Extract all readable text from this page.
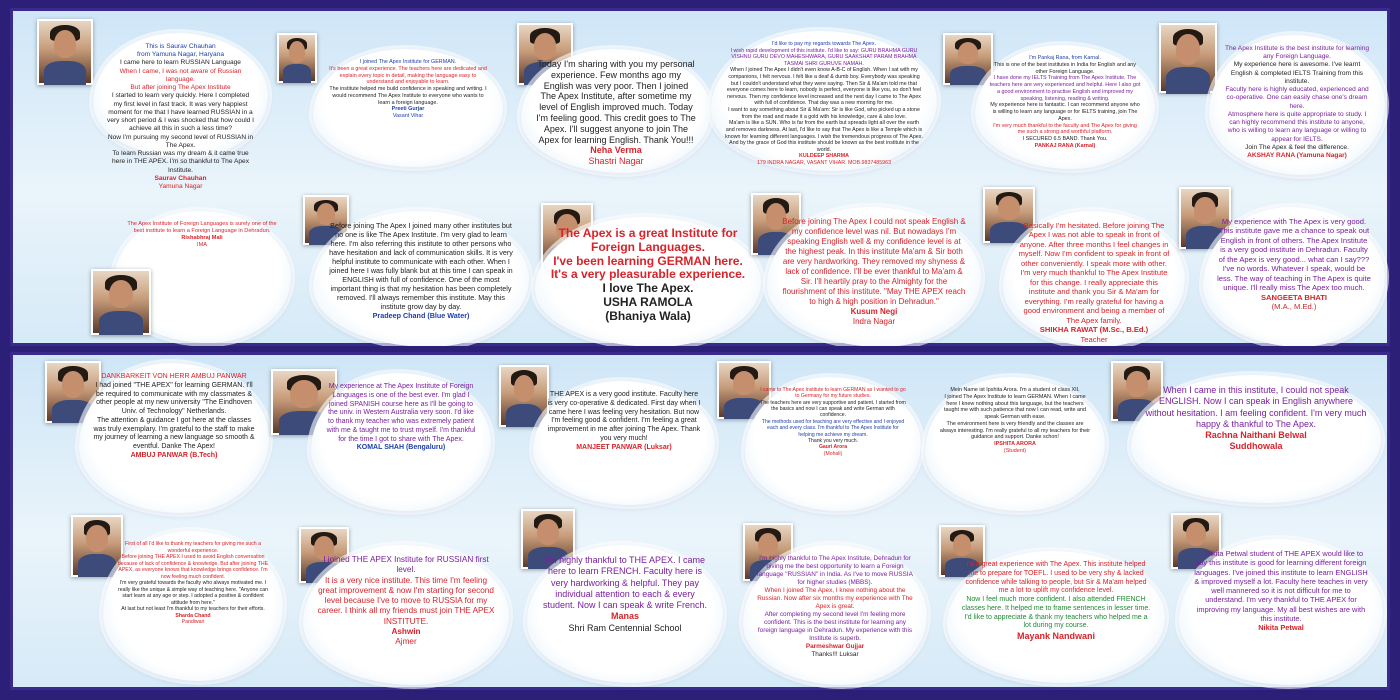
This is Saurav Chauhan

from Yamuna Nagar, Haryana

I came here to learn RUSSIAN Language

When I came, I was not aware of Russian language.

But after joining The Apex Institute

I started to learn very quickly. Here I completed my first level in fast track. It was very happiest moment for me that I have learned RUSSIAN in a very short period & I was shocked that how could I achieve all this in such a less time?

Now I'm pursuing my second level of RUSSIAN in The Apex.

To learn Russian was my dream & it came true here in THE APEX. I'm so thankful to The Apex Institute.

Saurav Chauhan

Yamuna Nagar

I joined The Apex Institute for GERMAN.

It's been a great experience. The teachers here are dedicated and explain every topic in detail, making the language easy to understand and enjoyable to learn.

The institute helped me build confidence in speaking and writing. I would recommend The Apex Institute to everyone who wants to learn a foreign language.

Preeti Gurjar

Vasant Vihar

Today I'm sharing with you my personal experience. Few months ago my English was very poor. Then I joined The Apex Institute, after sometime my level of English improved much. Today I'm feeling good. This credit goes to The Apex. I'll suggest anyone to join The Apex for learning English. Thank You!!!

Neha Verma

Shastri Nagar

I'd like to pay my regards towards The Apex.

I wish rapid development of this institute. I'd like to say: GURU BRAHMA GURU VISHNU GURU DEVO MAHESHWARA, GURU SAAKSHAT PARAM BRAHMA TASMAI SHRI GURUVE NAMAH.

When I joined The Apex I didn't even know A-B-C of English. When I sat with my companions, I felt nervous. I felt like a deaf & dumb boy. Everybody was speaking but I couldn't understand what they were saying. Then Sir & Ma'am told me that everyone comes here to learn, nobody is perfect, everyone is like you, so don't feel nervous. Then my confidence level increased and the next day I came to The Apex with full of confidence. That day was a new morning for me.

I want to say something about Sir & Ma'am: Sir is like God, who picked up a stone from the road and made it a gold with his knowledge, care & also love.

Ma'am is like a SUN. Who is far from the earth but spreads light all over the earth and removes darkness. At last, I'd like to say that The Apex is like a Temple which is known for learning different languages. I wish the tremendous progress of The Apex. And by the grace of God this institute should be known as the best institute in the world.

KULDEEP SHARMA

179 INDRA NAGAR, VASANT VIHAR. MOB.9837485963

I'm Pankaj Rana, from Karnal.

This is one of the best institutes in India for English and any other Foreign Language.

I have done my IELTS Training from The Apex Institute. The teachers here are very experienced and helpful. Here I also got a good environment to practise English and improved my speaking, listening, reading & writing.

My experience here is fantastic. I can recommend anyone who is willing to learn any language or for IELTS training, join The Apex.

I'm very much thankful to the faculty and The Apex for giving me such a strong and worthful platform.

I SECURED 6.5 BAND. Thank You.

PANKAJ RANA (Karnal)

The Apex Institute is the best institute for learning any Foreign Language.

My experience here is awesome. I've learnt English & completed IELTS Training from this institute.

Faculty here is highly educated, experienced and co-operative. One can easily chase one's dream here.

Atmosphere here is quite appropriate to study. I can highly recommend this institute to anyone, who is willing to learn any language or willing to appear for IELTS.

Join The Apex & feel the difference.

AKSHAY RANA (Yamuna Nagar)

The Apex Institute of Foreign Languages is surely one of the best institute to learn a Foreign Language in Dehradun.

Rishabhraj Mali

IMA

Before joining The Apex I joined many other institutes but no one is like The Apex Institute. I'm very glad to learn here. I'm also referring this institute to other persons who have hesitation and lack of communication skills. It is very helpful institute to communicate with each other. When I joined here I was fully blank but at this time I can speak in ENGLISH with full of confidence. One of the most important thing is that my hesitation has been completely removed. I'll always remember this institute. May this institute grow day by day.

Pradeep Chand (Blue Water)

The Apex is a great Institute for Foreign Languages.

I've been learning GERMAN here. It's a very pleasurable experience.

I love The Apex.

USHA RAMOLA

(Bhaniya Wala)

Before joining The Apex I could not speak English & my confidence level was nil. But nowadays I'm speaking English well & my confidence level is at the highest peak. In this institute Ma'am & Sir both are very hardworking. They removed my shyness & lack of confidence. I'll be ever thankful to Ma'am & Sir. I'll heartily pray to the Almighty for the flourishment of this institute. "May THE APEX reach to high & high position in Dehradun."

Kusum Negi

Indra Nagar

Basically I'm hesitated. Before joining The Apex I was not able to speak in front of anyone. After three months I feel changes in myself. Now I'm confident to speak in front of other conveniently. I speak more with other. I'm very much thankful to The Apex Institute for this change. I really appreciate this institute and thank you Sir & Ma'am for everything. I'm really grateful for having a good environment and being a member of The Apex family.

SHIKHA RAWAT (M.Sc., B.Ed.)

Teacher

My experience with The Apex is very good. This institute gave me a chance to speak out English in front of others. The Apex Institute is a very good institute in Dehradun. Faculty of the Apex is very good... what can I say??? I've no words. Whatever I speak, would be less. The way of teaching in The Apex is quite unique. I'll really miss The Apex too much.

SANGEETA BHATI

(M.A., M.Ed.)

DANKBARKEIT VON HERR AMBUJ PANWAR

I had joined "THE APEX" for learning GERMAN. I'll be required to communicate with my classmates & other people at my new university "The Eindhoven Univ. of Technology" Netherlands.

The attention & guidance I got here at the classes was truly exemplary. I'm grateful to the staff to make my journey of learning a new language so smooth & eventful. Danke The Apex!

AMBUJ PANWAR (B.Tech)

My experience at The Apex Institute of Foreign Languages is one of the best ever. I'm glad I joined SPANISH course here as I'll be going to the univ. in Western Australia very soon. I'd like to thank my teacher who was extremely patient with me & taught me to trust myself. I'm thankful for the time I got to share with The Apex.

KOMAL SHAH (Bengaluru)

THE APEX is a very good institute. Faculty here is very co-operative & dedicated. First day when I came here I was feeling very hesitation. But now I'm feeling good & confident. I'm feeling a great improvement in me after joining The Apex. Thank you very much!

MANJEET PANWAR (Luksar)

I came to The Apex Institute to learn GERMAN as I wanted to go to Germany for my future studies.

The teachers here are very supportive and patient. I started from the basics and now I can speak and write German with confidence.

The methods used for teaching are very effective and I enjoyed each and every class. I'm thankful to The Apex Institute for helping me achieve my dream.

Thank you very much.

Gauri Arora

(Mohali)

Mein Name ist Ipshita Arora. I'm a student of class XII.

I joined The Apex Institute to learn GERMAN. When I came here I knew nothing about this language, but the teachers taught me with such patience that now I can read, write and speak German with ease.

The environment here is very friendly and the classes are always interesting. I'm really grateful to all my teachers for their guidance and support. Danke schon!

IPSHITA ARORA

(Student)

When I came in this institute, I could not speak ENGLISH. Now I can speak in English anywhere without hesitation. I am feeling confident. I'm very much happy & thankful to The Apex.

Rachna Naithani Belwal

Suddhowala

First of all I'd like to thank my teachers for giving me such a wonderful experience.

Before joining THE APEX I used to avoid English conversation because of lack of confidence & knowledge. But after joining THE APEX, as everyone knows that knowledge brings confidence. I'm now feeling much confident.

I'm very grateful towards the faculty who always motivated me. I really like the unique & simple way of teaching here. "Anyone can start learn at any age or step. I adopted a positive & confident attitude from here."

At last but not least I'm thankful to my teachers for their efforts.

Sharda Chand

Pandiwari

I joined THE APEX Institute for RUSSIAN first level.

It is a very nice institute. This time I'm feeling great improvement & now I'm starting for second level because I've to move to RUSSIA for my career. I think all my friends must join THE APEX INSTITUTE.

Ashwin

Ajmer

I'm highly thankful to THE APEX. I came here to learn FRENCH. Faculty here is very hardworking & helpful. They pay individual attention to each & every student. Now I can speak & write French.

Manas

Shri Ram Centennial School

I'm highly thankful to The Apex Institute, Dehradun for giving me the best opportunity to learn a Foreign language "RUSSIAN" in India. As I've to move RUSSIA for higher studies (MBBS).

When I joined The Apex, I knew nothing about the Russian. Now after six months my experience with The Apex is great.

After completing my second level I'm feeling more confident. This is the best institute for learning any foreign language in Dehradun. My experience with this Institute is superb.

Parmeshwar Gujjar

Thanks!!! Luksar

I'd a great experience with The Apex. This institute helped me to prepare for TOEFL. I used to be very shy & lacked confidence while talking to people, but Sir & Ma'am helped me a lot to uplift my confidence level.

Now I feel much more confident. I also attended FRENCH classes here. It helped me to frame sentences in lesser time. I'd like to appreciate & thank my teachers who helped me a lot during my course.

Mayank Nandwani

I, Nikita Petwal student of THE APEX would like to say this institute is good for learning different foreign languages. I've joined this institute to learn ENGLISH & improved myself a lot. Faculty here teaches in very well mannered so it is not difficult for me to understand. I'm very thankful to THE APEX for improving my language. My all best wishes are with this institute.

Nikita Petwal
